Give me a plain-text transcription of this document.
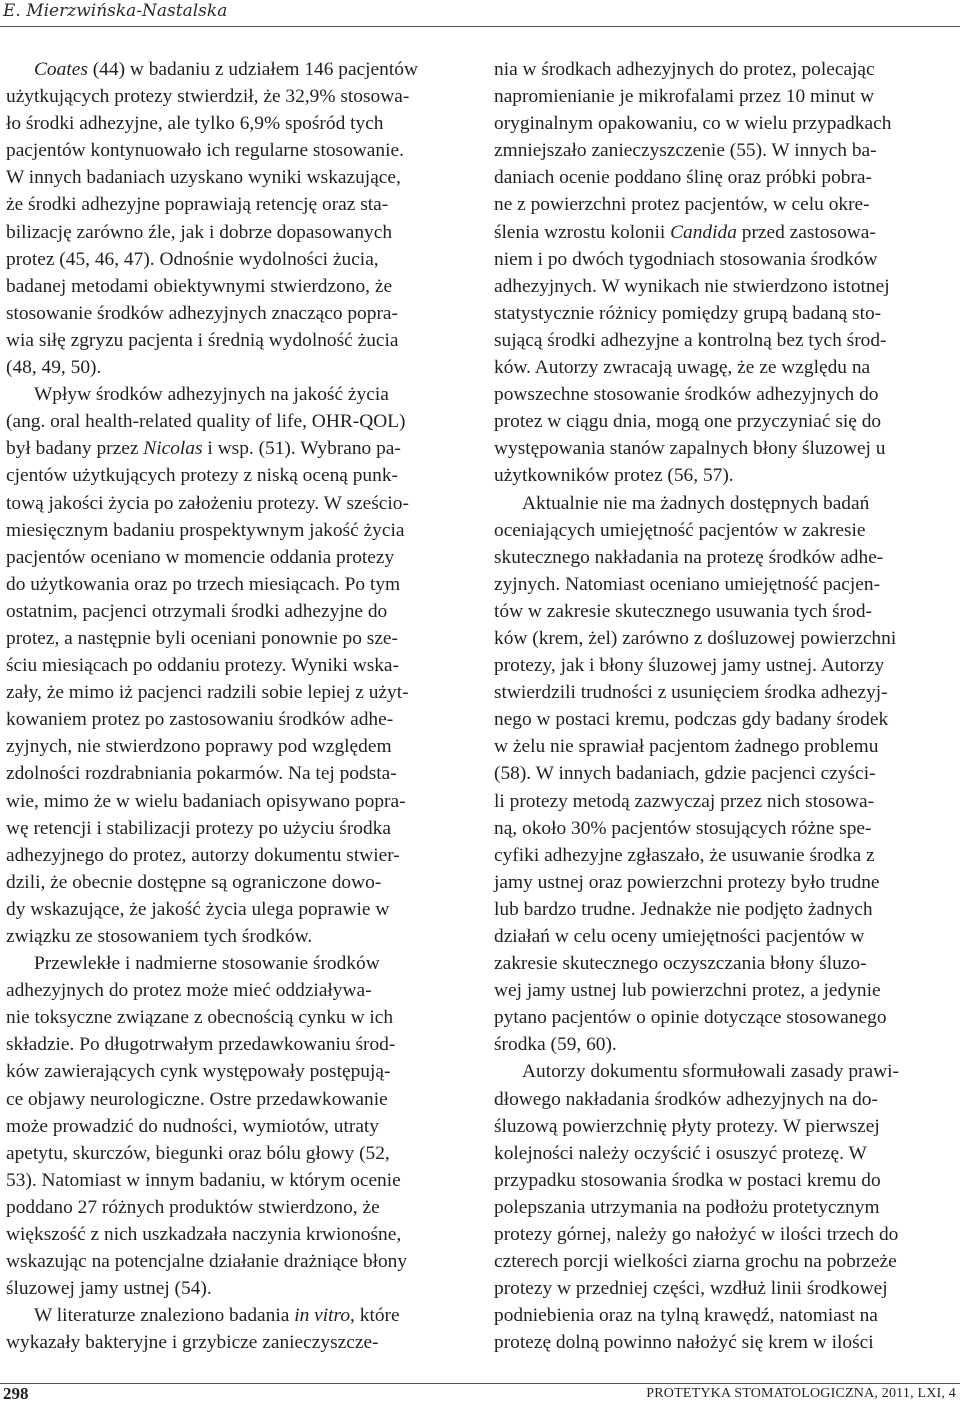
E. Mierzwińska-Nastalska
Coates (44) w badaniu z udziałem 146 pacjentów
użytkujących protezy stwierdził, że 32,9% stosowa-
ło środki adhezyjne, ale tylko 6,9% spośród tych
pacjentów kontynuowało ich regularne stosowanie.
W innych badaniach uzyskano wyniki wskazujące,
że środki adhezyjne poprawiają retencję oraz sta-
bilizację zarówno źle, jak i dobrze dopasowanych
protez (45, 46, 47). Odnośnie wydolności żucia,
badanej metodami obiektywnymi stwierdzono, że
stosowanie środków adhezyjnych znacząco popra-
wia siłę zgryzu pacjenta i średnią wydolność żucia
(48, 49, 50).
Wpływ środków adhezyjnych na jakość życia
(ang. oral health-related quality of life, OHR-QOL)
był badany przez Nicolas i wsp. (51). Wybrano pa-
cjentów użytkujących protezy z niską oceną punk-
tową jakości życia po założeniu protezy. W sześcio-
miesięcznym badaniu prospektywnym jakość życia
pacjentów oceniano w momencie oddania protezy
do użytkowania oraz po trzech miesiącach. Po tym
ostatnim, pacjenci otrzymali środki adhezyjne do
protez, a następnie byli oceniani ponownie po sze-
ściu miesiącach po oddaniu protezy. Wyniki wska-
zały, że mimo iż pacjenci radzili sobie lepiej z użyt-
kowaniem protez po zastosowaniu środków adhe-
zyjnych, nie stwierdzono poprawy pod względem
zdolności rozdrabniania pokarmów. Na tej podsta-
wie, mimo że w wielu badaniach opisywano popra-
wę retencji i stabilizacji protezy po użyciu środka
adhezyjnego do protez, autorzy dokumentu stwier-
dzili, że obecnie dostępne są ograniczone dowo-
dy wskazujące, że jakość życia ulega poprawie w
związku ze stosowaniem tych środków.
Przewlekłe i nadmierne stosowanie środków
adhezyjnych do protez może mieć oddziaływa-
nie toksyczne związane z obecnością cynku w ich
składzie. Po długotrwałym przedawkowaniu środ-
ków zawierających cynk występowały postępują-
ce objawy neurologiczne. Ostre przedawkowanie
może prowadzić do nudności, wymiotów, utraty
apetytu, skurczów, biegunki oraz bólu głowy (52,
53). Natomiast w innym badaniu, w którym ocenie
poddano 27 różnych produktów stwierdzono, że
większość z nich uszkadzała naczynia krwionośne,
wskazując na potencjalne działanie drażniące błony
śluzowej jamy ustnej (54).
W literaturze znaleziono badania in vitro, które
wykazały bakteryjne i grzybicze zanieczyszcze-
nia w środkach adhezyjnych do protez, polecając
napromienianie je mikrofalami przez 10 minut w
oryginalnym opakowaniu, co w wielu przypadkach
zmniejszało zanieczyszczenie (55). W innych ba-
daniach ocenie poddano ślinę oraz próbki pobra-
ne z powierzchni protez pacjentów, w celu okre-
ślenia wzrostu kolonii Candida przed zastosowa-
niem i po dwóch tygodniach stosowania środków
adhezyjnych. W wynikach nie stwierdzono istotnej
statystycznie różnicy pomiędzy grupą badaną sto-
sującą środki adhezyjne a kontrolną bez tych środ-
ków. Autorzy zwracają uwagę, że ze względu na
powszechne stosowanie środków adhezyjnych do
protez w ciągu dnia, mogą one przyczyniać się do
występowania stanów zapalnych błony śluzowej u
użytkowników protez (56, 57).
Aktualnie nie ma żadnych dostępnych badań
oceniających umiejętność pacjentów w zakresie
skutecznego nakładania na protezę środków adhe-
zyjnych. Natomiast oceniano umiejętność pacjen-
tów w zakresie skutecznego usuwania tych środ-
ków (krem, żel) zarówno z dośluzowej powierzchni
protezy, jak i błony śluzowej jamy ustnej. Autorzy
stwierdzili trudności z usunięciem środka adhezyj-
nego w postaci kremu, podczas gdy badany środek
w żelu nie sprawiał pacjentom żadnego problemu
(58). W innych badaniach, gdzie pacjenci czyści-
li protezy metodą zazwyczaj przez nich stosowa-
ną, około 30% pacjentów stosujących różne spe-
cyfiki adhezyjne zgłaszało, że usuwanie środka z
jamy ustnej oraz powierzchni protezy było trudne
lub bardzo trudne. Jednakże nie podjęto żadnych
działań w celu oceny umiejętności pacjentów w
zakresie skutecznego oczyszczania błony śluzo-
wej jamy ustnej lub powierzchni protez, a jedynie
pytano pacjentów o opinie dotyczące stosowanego
środka (59, 60).
Autorzy dokumentu sformułowali zasady prawi-
dłowego nakładania środków adhezyjnych na do-
śluzową powierzchnię płyty protezy. W pierwszej
kolejności należy oczyścić i osuszyć protezę. W
przypadku stosowania środka w postaci kremu do
polepszania utrzymania na podłożu protetycznym
protezy górnej, należy go nałożyć w ilości trzech do
czterech porcji wielkości ziarna grochu na pobrzeże
protezy w przedniej części, wzdłuż linii środkowej
podniebienia oraz na tylną krawędź, natomiast na
protezę dolną powinno nałożyć się krem w ilości
298	PROTETYKA STOMATOLOGICZNA, 2011, LXI, 4
